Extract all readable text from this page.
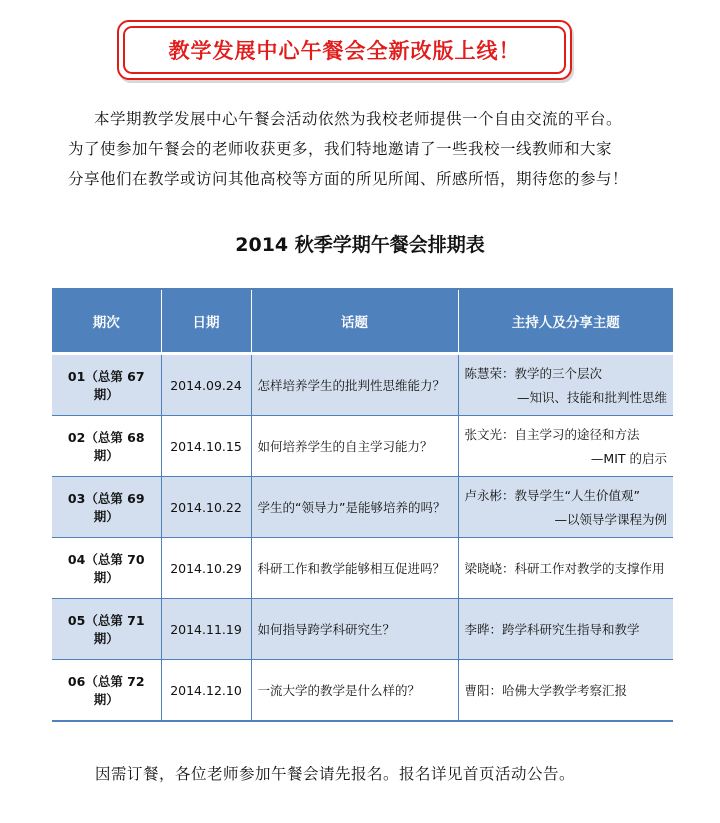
教学发展中心午餐会全新改版上线！

本学期教学发展中心午餐会活动依然为我校老师提供一个自由交流的平台。

为了使参加午餐会的老师收获更多，我们特地邀请了一些我校一线教师和大家

分享他们在教学或访问其他高校等方面的所见所闻、所感所悟，期待您的参与！

2014 秋季学期午餐会排期表
期次	日期	话题	主持人及分享主题
01（总第 67 期）	2014.09.24	怎样培养学生的批判性思维能力？	陈慧荣：教学的三个层次
—知识、技能和批判性思维

02（总第 68 期）	2014.10.15	如何培养学生的自主学习能力？	张文光：自主学习的途径和方法
—MIT 的启示

03（总第 69 期）	2014.10.22	学生的“领导力”是能够培养的吗？	卢永彬：教导学生“人生价值观”
—以领导学课程为例

04（总第 70 期）	2014.10.29	科研工作和教学能够相互促进吗？	梁晓峣：科研工作对教学的支撑作用
05（总第 71 期）	2014.11.19	如何指导跨学科研究生？	李晔：跨学科研究生指导和教学
06（总第 72 期）	2014.12.10	一流大学的教学是什么样的？	曹阳：哈佛大学教学考察汇报
因需订餐，各位老师参加午餐会请先报名。报名详见首页活动公告。
